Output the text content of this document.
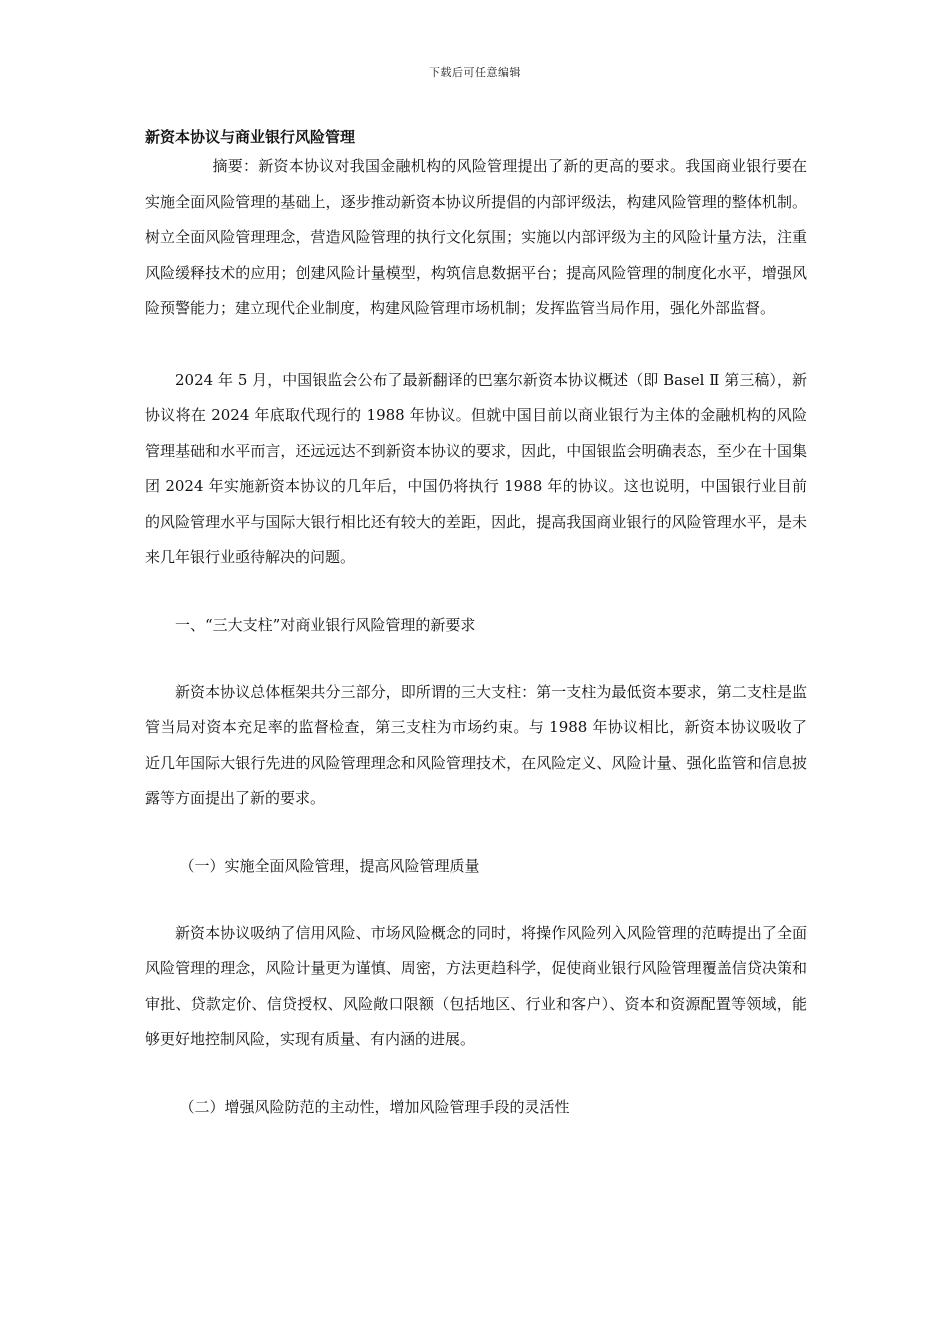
下载后可任意编辑

新资本协议与商业银行风险管理

摘要：新资本协议对我国金融机构的风险管理提出了新的更高的要求。我国商业银行要在实施全面风险管理的基础上，逐步推动新资本协议所提倡的内部评级法，构建风险管理的整体机制。树立全面风险管理理念，营造风险管理的执行文化氛围；实施以内部评级为主的风险计量方法，注重风险缓释技术的应用；创建风险计量模型，构筑信息数据平台；提高风险管理的制度化水平，增强风险预警能力；建立现代企业制度，构建风险管理市场机制；发挥监管当局作用，强化外部监督。

2024 年 5 月，中国银监会公布了最新翻译的巴塞尔新资本协议概述（即 Basel Ⅱ 第三稿），新协议将在 2024 年底取代现行的 1988 年协议。但就中国目前以商业银行为主体的金融机构的风险管理基础和水平而言，还远远达不到新资本协议的要求，因此，中国银监会明确表态，至少在十国集团 2024 年实施新资本协议的几年后，中国仍将执行 1988 年的协议。这也说明，中国银行业目前的风险管理水平与国际大银行相比还有较大的差距，因此，提高我国商业银行的风险管理水平，是未来几年银行业亟待解决的问题。

一、“三大支柱”对商业银行风险管理的新要求

新资本协议总体框架共分三部分，即所谓的三大支柱：第一支柱为最低资本要求，第二支柱是监管当局对资本充足率的监督检查，第三支柱为市场约束。与 1988 年协议相比，新资本协议吸收了近几年国际大银行先进的风险管理理念和风险管理技术，在风险定义、风险计量、强化监管和信息披露等方面提出了新的要求。

（一）实施全面风险管理，提高风险管理质量

新资本协议吸纳了信用风险、市场风险概念的同时，将操作风险列入风险管理的范畴提出了全面风险管理的理念，风险计量更为谨慎、周密，方法更趋科学，促使商业银行风险管理覆盖信贷决策和审批、贷款定价、信贷授权、风险敞口限额（包括地区、行业和客户）、资本和资源配置等领域，能够更好地控制风险，实现有质量、有内涵的进展。

（二）增强风险防范的主动性，增加风险管理手段的灵活性
